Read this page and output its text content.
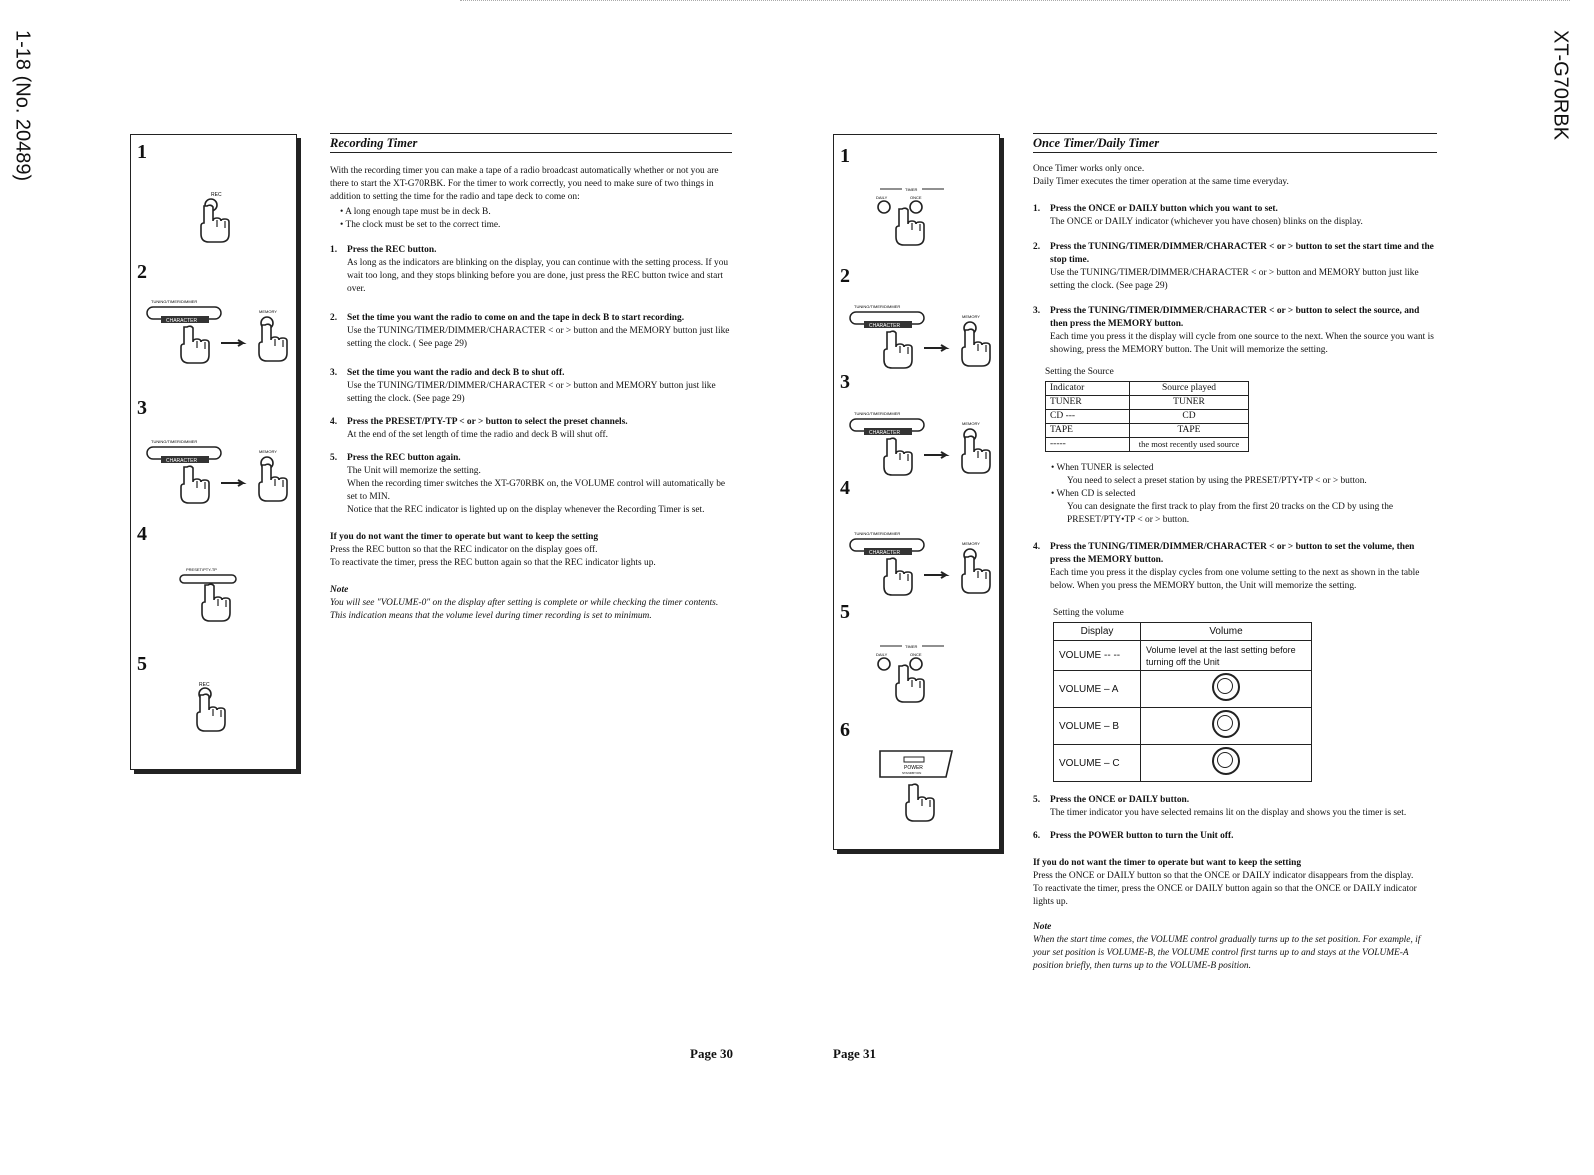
1-18 (No. 20489)	XT-G70RBK
1
REC
2
TUNING/TIMER/DIMMER
CHARACTER
MEMORY
3
TUNING/TIMER/DIMMER
CHARACTER
MEMORY
4
PRESET/PTY-TP
5
REC
Recording Timer

With the recording timer you can make a tape of a radio broadcast automatically whether or not you are there to start the XT-G70RBK. For the timer to work correctly, you need to make sure of two things in addition to setting the time for the radio and tape deck to come on:

• A long enough tape must be in deck B.
• The clock must be set to the correct time.
1.	Press the REC button.
As long as the indicators are blinking on the display, you can continue with the setting process. If you wait too long, and they stops blinking before you are done, just press the REC button twice and start over.
2.	Set the time you want the radio to come on and the tape in deck B to start recording.
Use the TUNING/TIMER/DIMMER/CHARACTER < or > button and the MEMORY button just like setting the clock. ( See page 29)
3.	Set the time you want the radio and deck B to shut off.
Use the TUNING/TIMER/DIMMER/CHARACTER < or > button and MEMORY button just like setting the clock. (See page 29)
4.	Press the PRESET/PTY-TP < or > button to select the preset channels.
At the end of the set length of time the radio and deck B will shut off.
5.	Press the REC button again.
The Unit will memorize the setting.
When the recording timer switches the XT-G70RBK on, the VOLUME control will automatically be set to MIN.
Notice that the REC indicator is lighted up on the display whenever the Recording Timer is set.

If you do not want the timer to operate but want to keep the setting

Press the REC button so that the REC indicator on the display goes off.

To reactivate the timer, press the REC button again so that the REC indicator lights up.

Note

You will see "VOLUME-0" on the display after setting is complete or while checking the timer contents. This indication means that the volume level during timer recording is set to minimum.

1
TIMER
DAILY	ONCE
2
TUNING/TIMER/DIMMER
CHARACTER
MEMORY
3
TUNING/TIMER/DIMMER
CHARACTER
MEMORY
4
TUNING/TIMER/DIMMER
CHARACTER
MEMORY
5
TIMER
DAILY	ONCE
6
POWER
STANDBY/ON
Once Timer/Daily Timer

Once Timer works only once.

Daily Timer executes the timer operation at the same time everyday.

1.	Press the ONCE or DAILY button which you want to set.
The ONCE or DAILY indicator (whichever you have chosen) blinks on the display.
2.	Press the TUNING/TIMER/DIMMER/CHARACTER < or > button to set the start time and the stop time.
Use the TUNING/TIMER/DIMMER/CHARACTER < or > button and MEMORY button just like setting the clock. (See page 29)
3.	Press the TUNING/TIMER/DIMMER/CHARACTER < or > button to select the source, and then press the MEMORY button.
Each time you press it the display will cycle from one source to the next. When the source you want is showing, press the MEMORY button. The Unit will memorize the setting.
Setting the Source
Indicator	Source played
TUNER	TUNER
CD ---	CD
TAPE	TAPE
-----	the most recently used source
• When TUNER is selected
You need to select a preset station by using the PRESET/PTY•TP < or > button.
• When CD is selected
You can designate the first track to play from the first 20 tracks on the CD by using the PRESET/PTY•TP < or > button.
4.	Press the TUNING/TIMER/DIMMER/CHARACTER < or > button to set the volume, then press the MEMORY button.
Each time you press it the display cycles from one volume setting to the next as shown in the table below. When you press the MEMORY button, the Unit will memorize the setting.
Setting the volume
Display	Volume
VOLUME -- --	Volume level at the last setting before turning off the Unit
VOLUME – A	
VOLUME – B	
VOLUME – C	
5.	Press the ONCE or DAILY button.
The timer indicator you have selected remains lit on the display and shows you the timer is set.
6.	Press the POWER button to turn the Unit off.

If you do not want the timer to operate but want to keep the setting

Press the ONCE or DAILY button so that the ONCE or DAILY indicator disappears from the display.

To reactivate the timer, press the ONCE or DAILY button again so that the ONCE or DAILY indicator lights up.

Note

When the start time comes, the VOLUME control gradually turns up to the set position. For example, if your set position is VOLUME-B, the VOLUME control first turns up to and stays at the VOLUME-A position briefly, then turns up to the VOLUME-B position.

Page 30	Page 31
